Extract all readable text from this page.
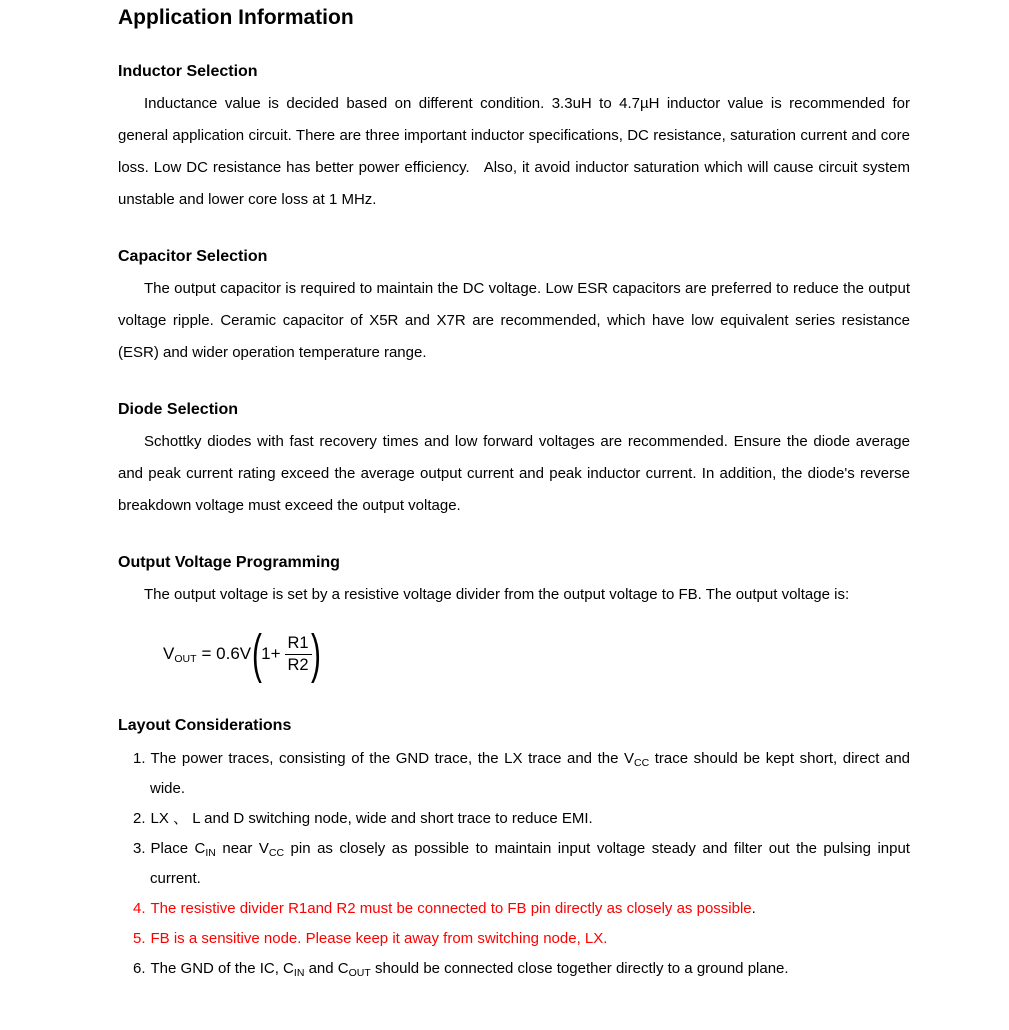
Application Information
Inductor Selection

Inductance value is decided based on different condition. 3.3uH to 4.7µH inductor value is recommended for general application circuit. There are three important inductor specifications, DC resistance, saturation current and core loss. Low DC resistance has better power efficiency.   Also, it avoid inductor saturation which will cause circuit system unstable and lower core loss at 1 MHz.

Capacitor Selection

The output capacitor is required to maintain the DC voltage. Low ESR capacitors are preferred to reduce the output voltage ripple. Ceramic capacitor of X5R and X7R are recommended, which have low equivalent series resistance (ESR) and wider operation temperature range.

Diode Selection

Schottky diodes with fast recovery times and low forward voltages are recommended. Ensure the diode average and peak current rating exceed the average output current and peak inductor current. In addition, the diode's reverse breakdown voltage must exceed the output voltage.

Output Voltage Programming

The output voltage is set by a resistive voltage divider from the output voltage to FB. The output voltage is:

$V_{OUT} = 0.6V$ ( $1+ \frac{R1}{R2}$ )
Layout Considerations
1. The power traces, consisting of the GND trace, the LX trace and the $V_{CC}$ trace should be kept short, direct and wide.
2. LX 、 L and D switching node, wide and short trace to reduce EMI.
3. Place $C_{IN}$ near $V_{CC}$ pin as closely as possible to maintain input voltage steady and filter out the pulsing input current.
4. The resistive divider R1and R2 must be connected to FB pin directly as closely as possible.
5. FB is a sensitive node. Please keep it away from switching node, LX.
6. The GND of the IC, $C_{IN}$ and $C_{OUT}$ should be connected close together directly to a ground plane.
